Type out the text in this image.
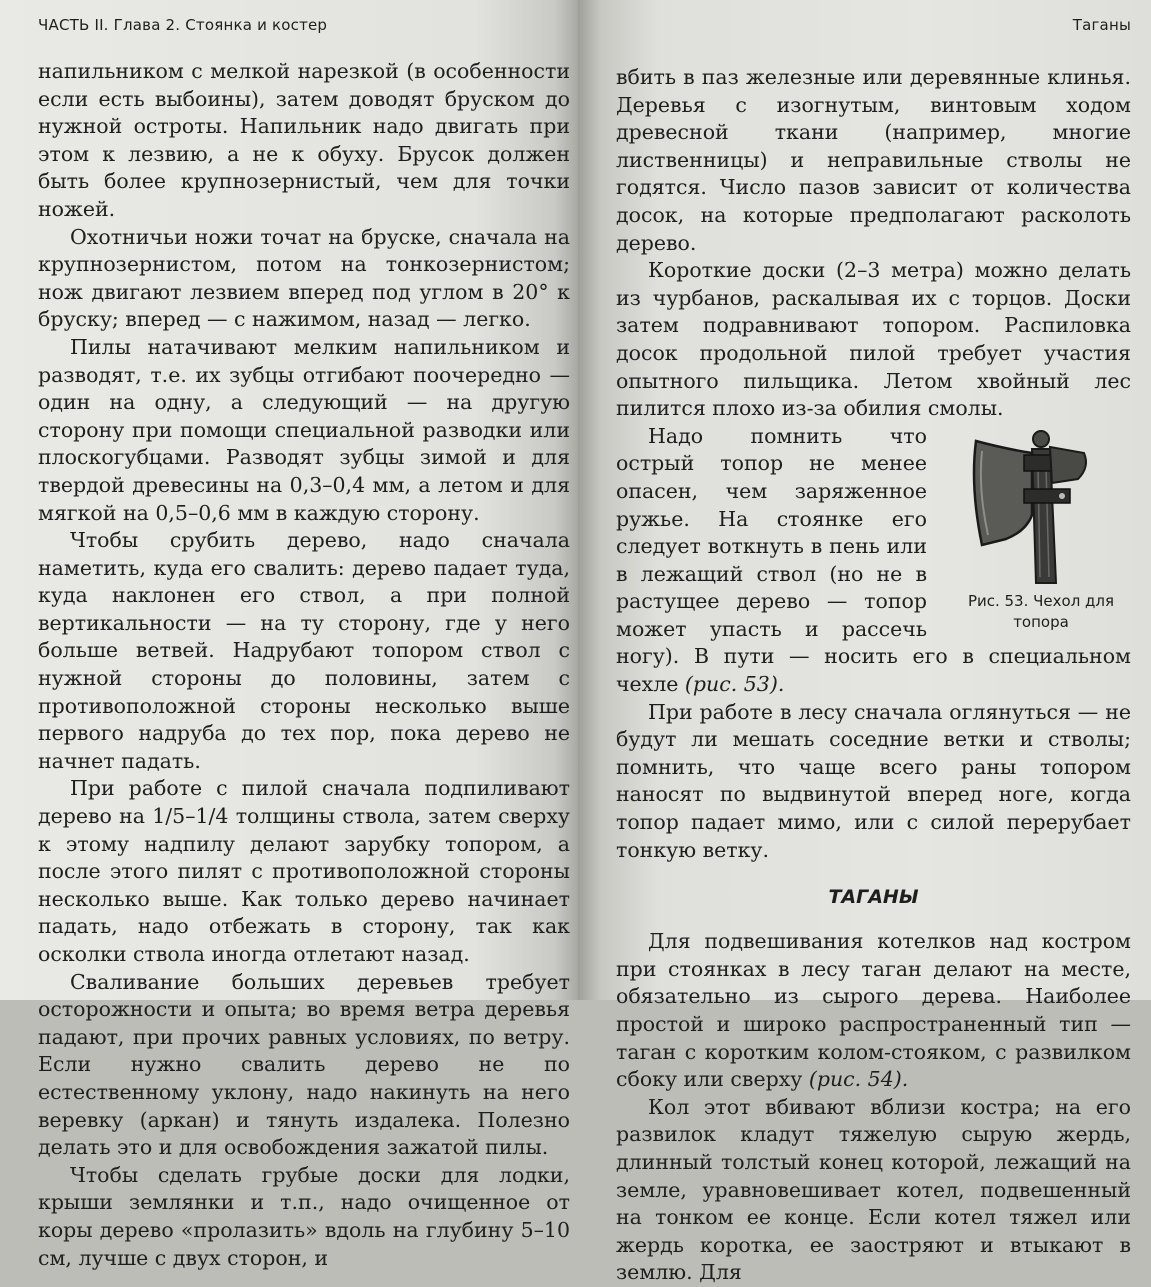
ЧАСТЬ II. Глава 2. Стоянка и костер

напильником с мелкой нарезкой (в особенности если есть выбоины), затем доводят бруском до нужной остроты. Напильник надо двигать при этом к лезвию, а не к обуху. Брусок должен быть более крупнозернистый, чем для точки ножей.

Охотничьи ножи точат на бруске, сначала на крупнозернистом, потом на тонкозернистом; нож двигают лезвием вперед под углом в 20° к бруску; вперед — с нажимом, назад — легко.

Пилы натачивают мелким напильником и разводят, т.е. их зубцы отгибают поочередно — один на одну, а следующий — на другую сторону при помощи специальной разводки или плоскогубцами. Разводят зубцы зимой и для твердой древесины на 0,3–0,4 мм, а летом и для мягкой на 0,5–0,6 мм в каждую сторону.

Чтобы срубить дерево, надо сначала наметить, куда его свалить: дерево падает туда, куда наклонен его ствол, а при полной вертикальности — на ту сторону, где у него больше ветвей. Надрубают топором ствол с нужной стороны до половины, затем с противоположной стороны несколько выше первого надруба до тех пор, пока дерево не начнет падать.

При работе с пилой сначала подпиливают дерево на 1/5–1/4 толщины ствола, затем сверху к этому надпилу делают зарубку топором, а после этого пилят с противоположной стороны несколько выше. Как только дерево начинает падать, надо отбежать в сторону, так как осколки ствола иногда отлетают назад.

Сваливание больших деревьев требует осторожности и опыта; во время ветра деревья падают, при прочих равных условиях, по ветру. Если нужно свалить дерево не по естественному уклону, надо накинуть на него веревку (аркан) и тянуть издалека. Полезно делать это и для освобождения зажатой пилы.

Чтобы сделать грубые доски для лодки, крыши землянки и т.п., надо очищенное от коры дерево «пролазить» вдоль на глубину 5–10 см, лучше с двух сторон, и

Таганы

вбить в паз железные или деревянные клинья. Деревья с изогнутым, винтовым ходом древесной ткани (например, многие лиственницы) и неправильные стволы не годятся. Число пазов зависит от количества досок, на которые предполагают расколоть дерево.

Короткие доски (2–3 метра) можно делать из чурбанов, раскалывая их с торцов. Доски затем подравнивают топором. Распиловка досок продольной пилой требует участия опытного пильщика. Летом хвойный лес пилится плохо из-за обилия смолы.

Рис. 53. Чехол для топора

Надо помнить что острый топор не менее опасен, чем заряженное ружье. На стоянке его следует воткнуть в пень или в лежащий ствол (но не в растущее дерево — топор может упасть и рассечь ногу). В пути — носить его в специальном чехле (рис. 53).

При работе в лесу сначала оглянуться — не будут ли мешать соседние ветки и стволы; помнить, что чаще всего раны топором наносят по выдвинутой вперед ноге, когда топор падает мимо, или с силой перерубает тонкую ветку.

ТАГАНЫ

Для подвешивания котелков над костром при стоянках в лесу таган делают на месте, обязательно из сырого дерева. Наиболее простой и широко распространенный тип — таган с коротким колом-стояком, с развилком сбоку или сверху (рис. 54).

Кол этот вбивают вблизи костра; на его развилок кладут тяжелую сырую жердь, длинный толстый конец которой, лежащий на земле, уравновешивает котел, подвешенный на тонком ее конце. Если котел тяжел или жердь коротка, ее заостряют и втыкают в землю. Для
